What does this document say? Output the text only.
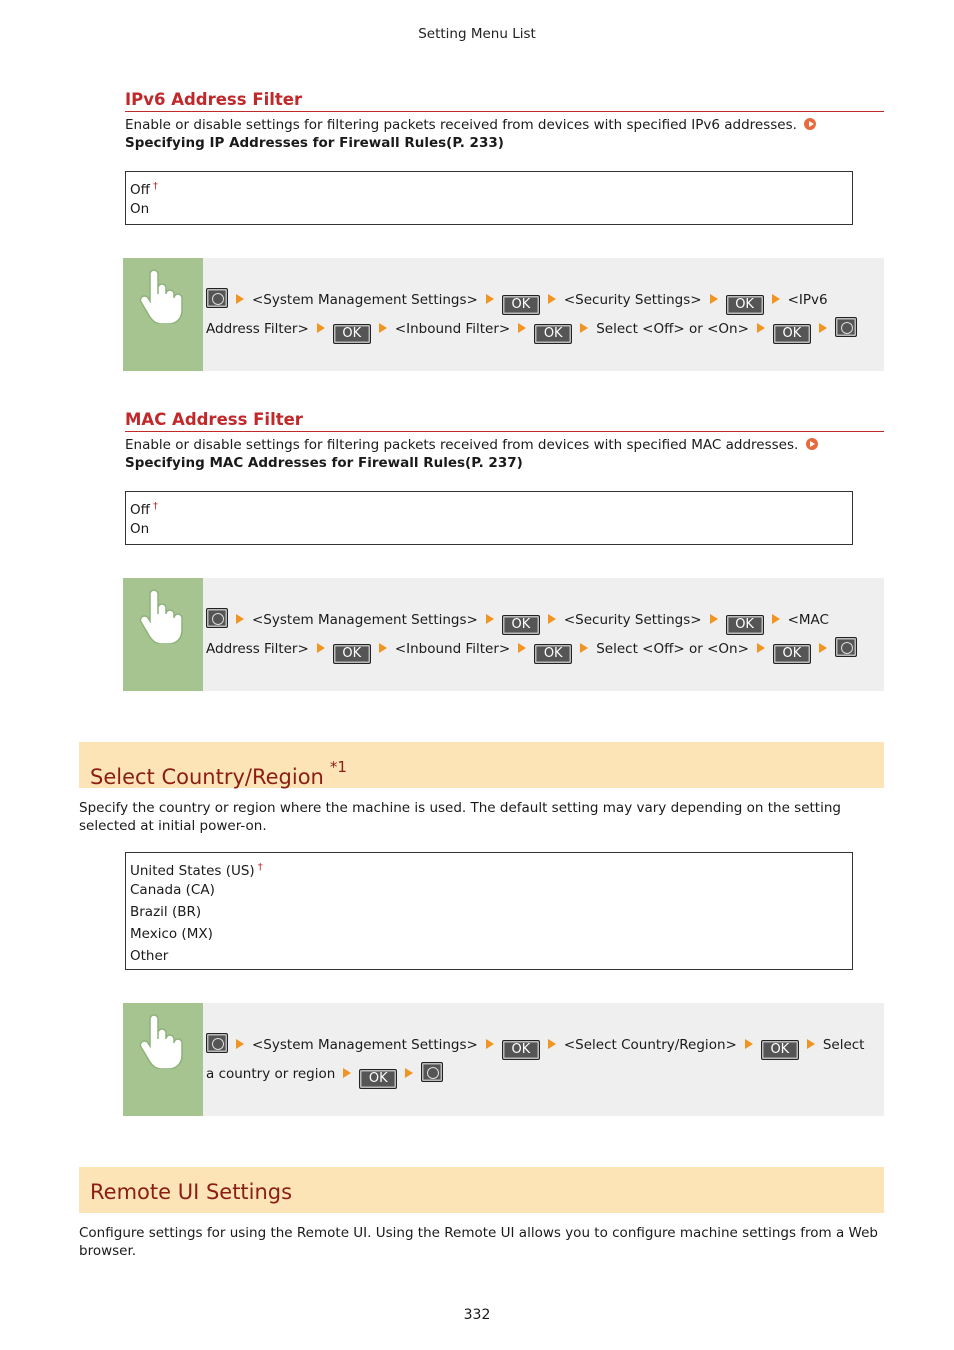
Setting Menu List
IPv6 Address Filter
Enable or disable settings for filtering packets received from devices with specified IPv6 addresses.
Specifying IP Addresses for Firewall Rules(P. 233)
Off †
On
<System Management Settings>	OK <Security Settings>	OK <IPv6 Address Filter>	OK <Inbound Filter>	OK Select <Off> or <On>	OK
MAC Address Filter
Enable or disable settings for filtering packets received from devices with specified MAC addresses.
Specifying MAC Addresses for Firewall Rules(P. 237)
Off †
On
<System Management Settings>	OK <Security Settings>	OK <MAC Address Filter>	OK <Inbound Filter>	OK Select <Off> or <On>	OK
Select Country/Region $^{*1}$
Specify the country or region where the machine is used. The default setting may vary depending on the setting selected at initial power-on.
United States (US) †
Canada (CA)
Brazil (BR)
Mexico (MX)
Other
<System Management Settings>	OK <Select Country/Region>	OK Select a country or region	OK
Remote UI Settings
Configure settings for using the Remote UI. Using the Remote UI allows you to configure machine settings from a Web browser.
332
